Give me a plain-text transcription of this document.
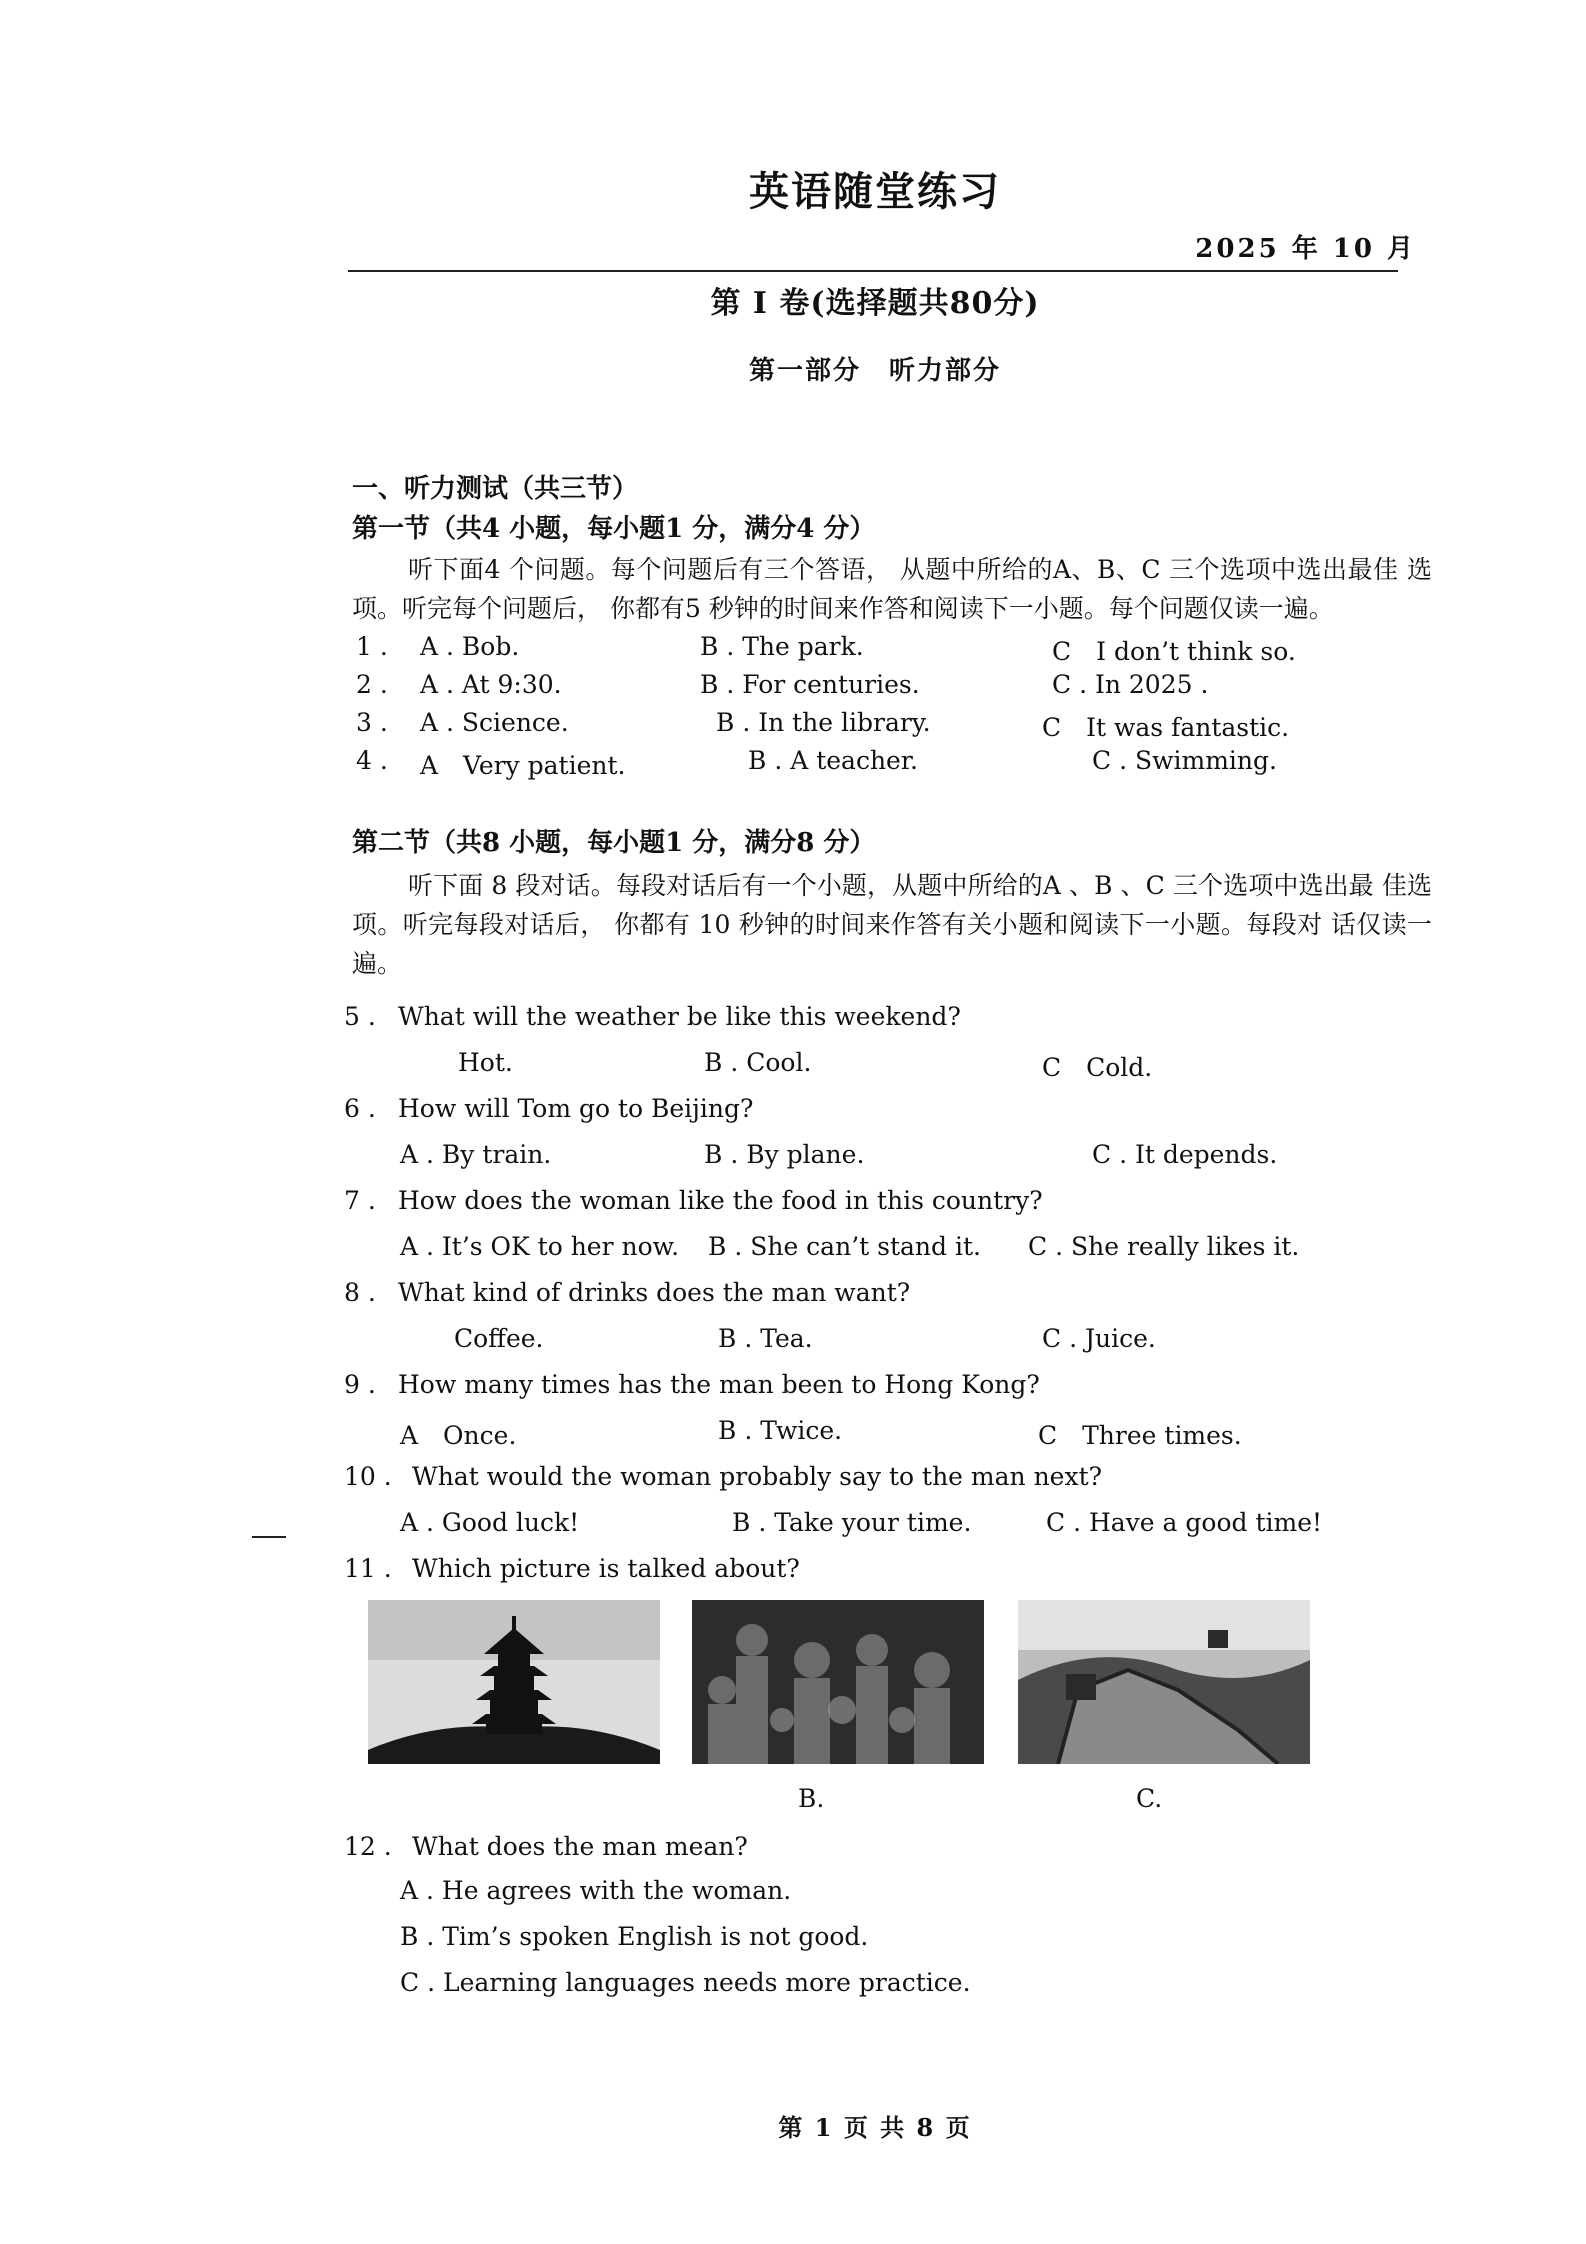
英语随堂练习
2025 年 10 月
第 I 卷(选择题共80分)
第一部分　听力部分
一、听力测试（共三节）
第一节（共4 小题，每小题1 分，满分4 分）
听下面4 个问题。每个问题后有三个答语， 从题中所给的A、B、C 三个选项中选出最佳 选项。听完每个问题后， 你都有5 秒钟的时间来作答和阅读下一小题。每个问题仅读一遍。
1 . A . Bob.	B . The park.	C　I don’t think so.
2 . A . At 9:30.	B . For centuries.	C . In 2025 .
3 . A . Science.	B . In the library.	C　It was fantastic.
4 . A　Very patient.	B . A teacher.	C . Swimming.
第二节（共8 小题，每小题1 分，满分8 分）
听下面 8 段对话。每段对话后有一个小题，从题中所给的A 、B 、C 三个选项中选出最 佳选项。听完每段对话后， 你都有 10 秒钟的时间来作答有关小题和阅读下一小题。每段对 话仅读一遍。
5 . What will the weather be like this weekend?
Hot.	B . Cool.	C　Cold.
6 . How will Tom go to Beijing?
A . By train.	B . By plane.	C . It depends.
7 . How does the woman like the food in this country?
A . It’s OK to her now. B . She can’t stand it. C . She really likes it.
8 . What kind of drinks does the man want?
Coffee.	B . Tea.	C . Juice.
9 . How many times has the man been to Hong Kong?
A　Once.	B . Twice.	C　Three times.
10 . What would the woman probably say to the man next?
A . Good luck!	B . Take your time.	C . Have a good time!
11 . Which picture is talked about?
B.	C.
12 . What does the man mean?
A . He agrees with the woman.
B . Tim’s spoken English is not good.
C . Learning languages needs more practice.
第 1 页 共 8 页
